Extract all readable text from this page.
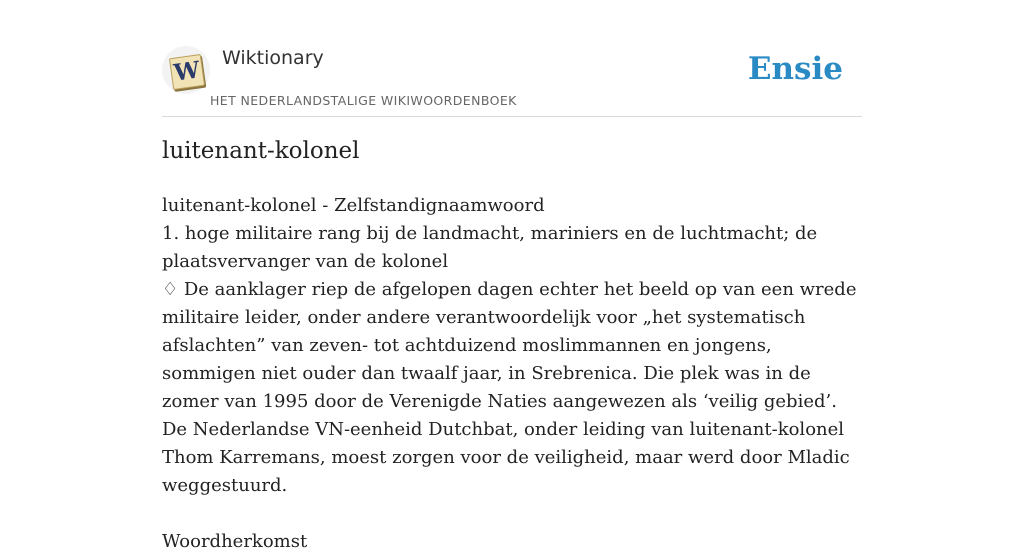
W Wiktionary
HET NEDERLANDSTALIGE WIKIWOORDENBOEK
Ensie
luitenant-kolonel

luitenant-kolonel - Zelfstandignaamwoord

1. hoge militaire rang bij de landmacht, mariniers en de luchtmacht; de plaatsvervanger van de kolonel

♢ De aanklager riep de afgelopen dagen echter het beeld op van een wrede militaire leider, onder andere verantwoordelijk voor „het systematisch afslachten” van zeven- tot achtduizend moslimmannen en jongens, sommigen niet ouder dan twaalf jaar, in Srebrenica. Die plek was in de zomer van 1995 door de Verenigde Naties aangewezen als ‘veilig gebied’. De Nederlandse VN-eenheid Dutchbat, onder leiding van luitenant-kolonel Thom Karremans, moest zorgen voor de veiligheid, maar werd door Mladic weggestuurd.

Woordherkomst
